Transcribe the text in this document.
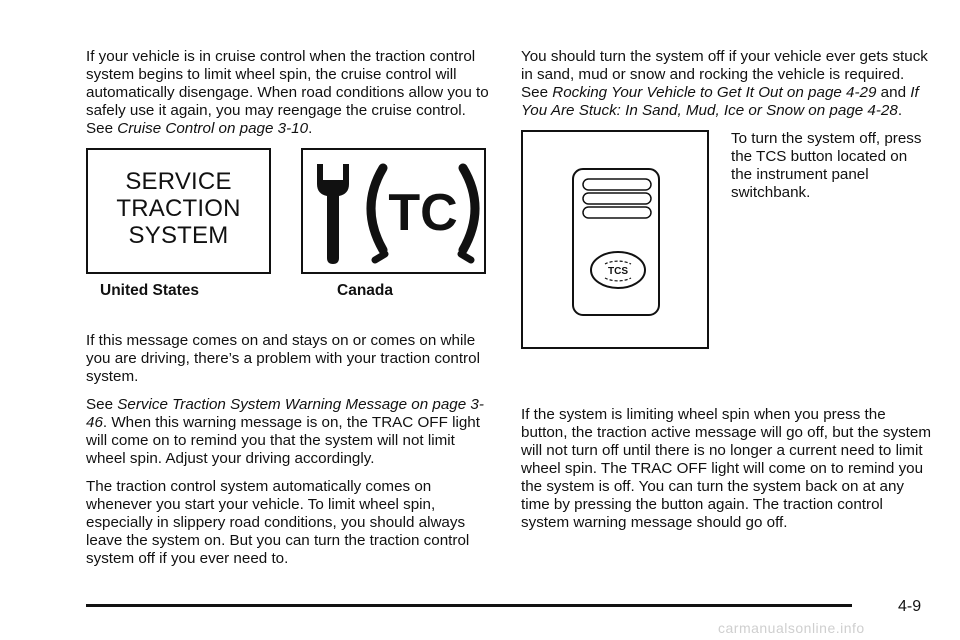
If your vehicle is in cruise control when the traction control system begins to limit wheel spin, the cruise control will automatically disengage. When road conditions allow you to safely use it again, you may reengage the cruise control. See Cruise Control on page 3-10.

SERVICE
TRACTION
SYSTEM	TC
United States	Canada

If this message comes on and stays on or comes on while you are driving, there’s a problem with your traction control system.

See Service Traction System Warning Message on page 3-46. When this warning message is on, the TRAC OFF light will come on to remind you that the system will not limit wheel spin. Adjust your driving accordingly.

The traction control system automatically comes on whenever you start your vehicle. To limit wheel spin, especially in slippery road conditions, you should always leave the system on. But you can turn the traction control system off if you ever need to.

You should turn the system off if your vehicle ever gets stuck in sand, mud or snow and rocking the vehicle is required. See Rocking Your Vehicle to Get It Out on page 4-29 and If You Are Stuck: In Sand, Mud, Ice or Snow on page 4-28.

TCS
To turn the system off, press the TCS button located on the instrument panel switchbank.

If the system is limiting wheel spin when you press the button, the traction active message will go off, but the system will not turn off until there is no longer a current need to limit wheel spin. The TRAC OFF light will come on to remind you the system is off. You can turn the system back on at any time by pressing the button again. The traction control system warning message should go off.

4-9
carmanualsonline.info
